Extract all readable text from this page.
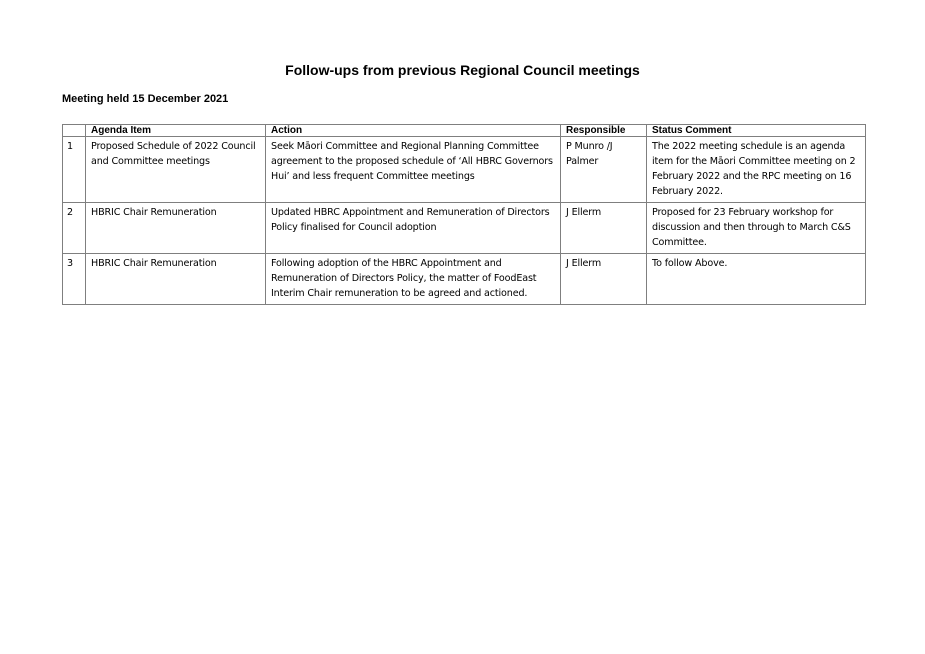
Follow-ups from previous Regional Council meetings
Meeting held 15 December 2021
	Agenda Item	Action	Responsible	Status Comment
1	Proposed Schedule of 2022 Council and Committee meetings	Seek Māori Committee and Regional Planning Committee agreement to the proposed schedule of ‘All HBRC Governors Hui’ and less frequent Committee meetings	P Munro /J Palmer	The 2022 meeting schedule is an agenda item for the Māori Committee meeting on 2 February 2022 and the RPC meeting on 16 February 2022.
2	HBRIC Chair Remuneration	Updated HBRC Appointment and Remuneration of Directors Policy finalised for Council adoption	J Ellerm	Proposed for 23 February workshop for discussion and then through to March C&S Committee.
3	HBRIC Chair Remuneration	Following adoption of the HBRC Appointment and Remuneration of Directors Policy, the matter of FoodEast Interim Chair remuneration to be agreed and actioned.	J Ellerm	To follow Above.
